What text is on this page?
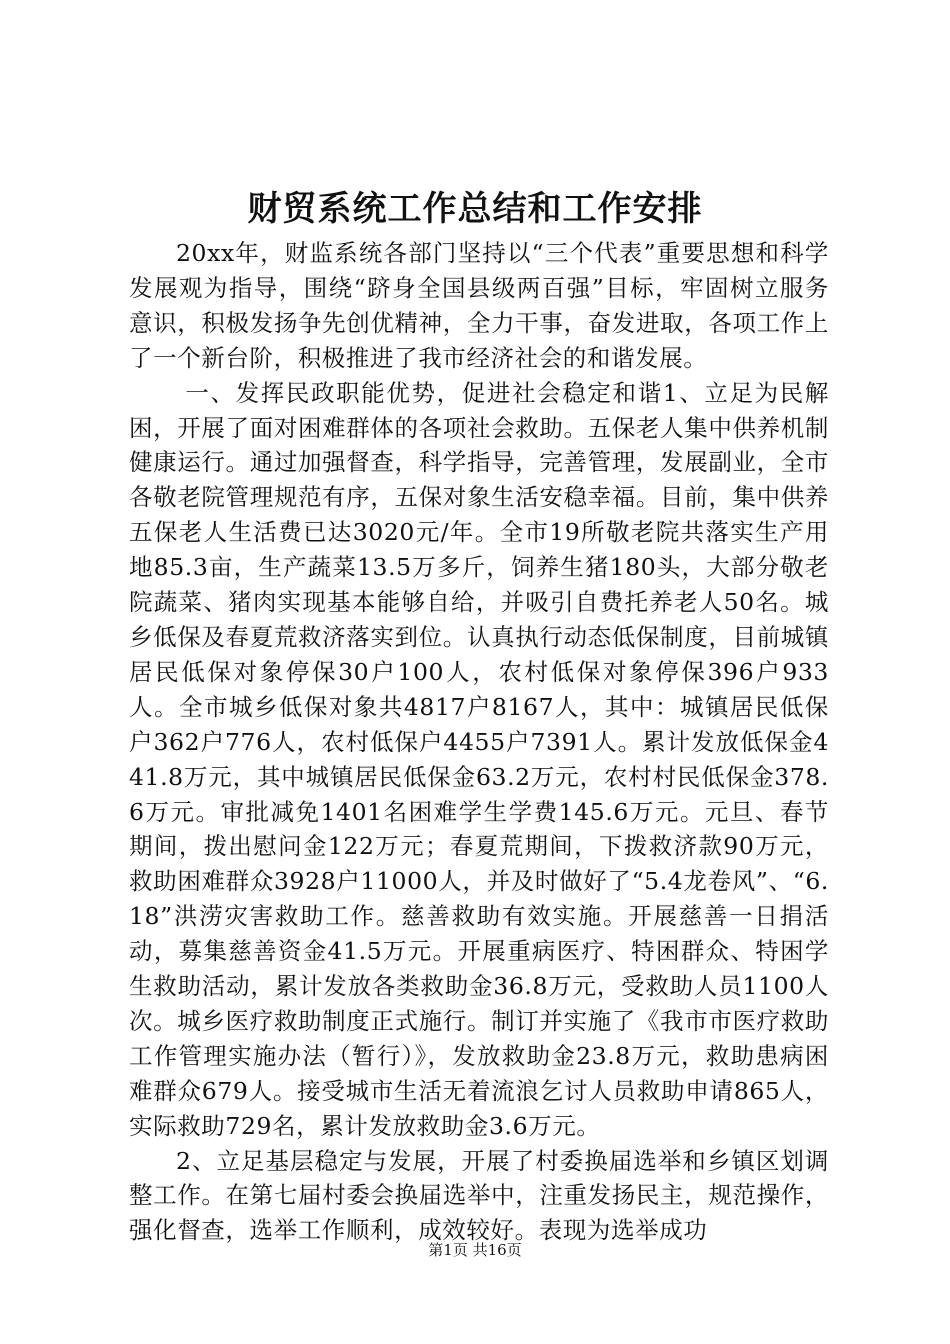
财贸系统工作总结和工作安排

20xx年，财监系统各部门坚持以“三个代表”重要思想和科学发展观为指导，围绕“跻身全国县级两百强”目标，牢固树立服务意识，积极发扬争先创优精神，全力干事，奋发进取，各项工作上了一个新台阶，积极推进了我市经济社会的和谐发展。

一、发挥民政职能优势，促进社会稳定和谐1、立足为民解困，开展了面对困难群体的各项社会救助。五保老人集中供养机制健康运行。通过加强督查，科学指导，完善管理，发展副业，全市各敬老院管理规范有序，五保对象生活安稳幸福。目前，集中供养五保老人生活费已达3020元/年。全市19所敬老院共落实生产用地85.3亩，生产蔬菜13.5万多斤，饲养生猪180头，大部分敬老院蔬菜、猪肉实现基本能够自给，并吸引自费托养老人50名。城乡低保及春夏荒救济落实到位。认真执行动态低保制度，目前城镇居民低保对象停保30户100人，农村低保对象停保396户933人。全市城乡低保对象共4817户8167人，其中：城镇居民低保户362户776人，农村低保户4455户7391人。累计发放低保金441.8万元，其中城镇居民低保金63.2万元，农村村民低保金378.6万元。审批减免1401名困难学生学费145.6万元。元旦、春节期间，拨出慰问金122万元；春夏荒期间，下拨救济款90万元，救助困难群众3928户11000人，并及时做好了“5.4龙卷风”、“6.18”洪涝灾害救助工作。慈善救助有效实施。开展慈善一日捐活动，募集慈善资金41.5万元。开展重病医疗、特困群众、特困学生救助活动，累计发放各类救助金36.8万元，受救助人员1100人次。城乡医疗救助制度正式施行。制订并实施了《我市市医疗救助工作管理实施办法（暂行）》，发放救助金23.8万元，救助患病困难群众679人。接受城市生活无着流浪乞讨人员救助申请865人，实际救助729名，累计发放救助金3.6万元。

2、立足基层稳定与发展，开展了村委换届选举和乡镇区划调整工作。在第七届村委会换届选举中，注重发扬民主，规范操作，强化督查，选举工作顺利，成效较好。表现为选举成功

第1页 共16页
